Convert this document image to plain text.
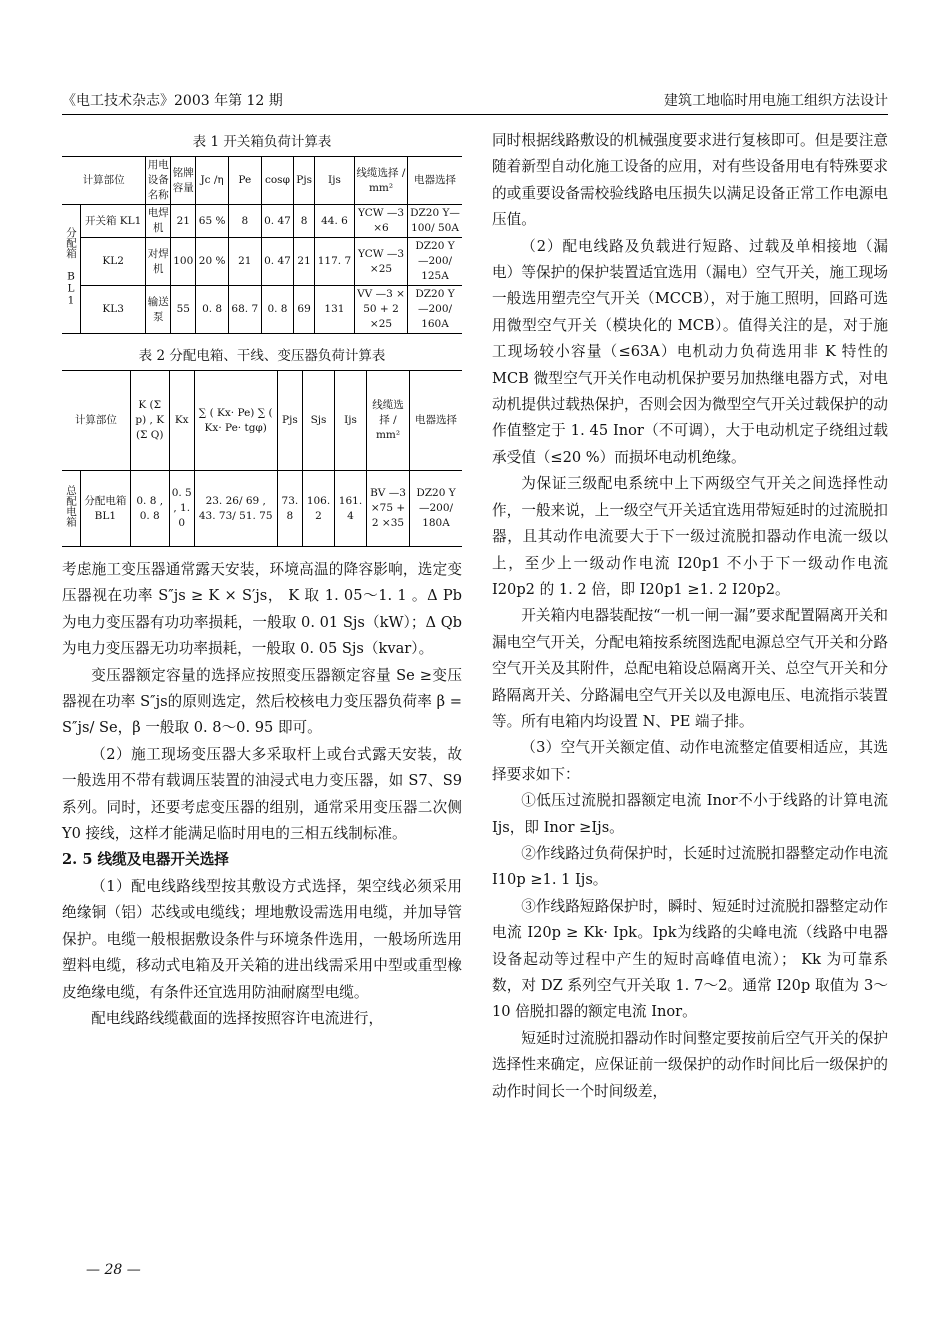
《电工技术杂志》2003 年第 12 期	建筑工地临时用电施工组织方法设计

表 1 开关箱负荷计算表

计算部位		用电设备名称	铭牌容量	Jc /η	Pe	cosφ	Pjs	Ijs	线缆选择 / mm²	电器选择
分配箱 BL1	开关箱 KL1	电焊机	21	65 %	8	0. 47	8	44. 6	YCW —3 ×6	DZ20 Y—100/ 50A
	KL2	对焊机	100	20 %	21	0. 47	21	117. 7	YCW —3 ×25	DZ20 Y —200/ 125A
	KL3	输送泵	55	0. 8	68. 7	0. 8	69	131	VV —3 × 50 + 2 ×25	DZ20 Y —200/ 160A

表 2 分配电箱、干线、变压器负荷计算表

计算部位		K (Σ p) , K (Σ Q)	Kx	∑ ( Kx· Pe) ∑ ( Kx· Pe· tgφ)	Pjs	Sjs	Ijs	线缆选择 / mm²	电器选择
总配电箱	分配电箱 BL1	0. 8 , 0. 8	0. 5 , 1. 0	23. 26/ 69 , 43. 73/ 51. 75	73. 8	106. 2	161. 4	BV —3 ×75 + 2 ×35	DZ20 Y —200/ 180A

考虑施工变压器通常露天安装，环境高温的降容影响，选定变压器视在功率 S″js ≥ K × S′js， K 取 1. 05～1. 1 。Δ Pb 为电力变压器有功功率损耗，一般取 0. 01 Sjs（kW）；Δ Qb 为电力变压器无功功率损耗，一般取 0. 05 Sjs（kvar）。

变压器额定容量的选择应按照变压器额定容量 Se ≥变压器视在功率 S″js的原则选定，然后校核电力变压器负荷率 β = S″js/ Se，β 一般取 0. 8～0. 95 即可。

（2）施工现场变压器大多采取杆上或台式露天安装，故一般选用不带有载调压装置的油浸式电力变压器，如 S7、S9 系列。同时，还要考虑变压器的组别，通常采用变压器二次侧 Y0 接线，这样才能满足临时用电的三相五线制标准。

2. 5 线缆及电器开关选择

（1）配电线路线型按其敷设方式选择，架空线必须采用绝缘铜（铝）芯线或电缆线；埋地敷设需选用电缆，并加导管保护。电缆一般根据敷设条件与环境条件选用，一般场所选用塑料电缆，移动式电箱及开关箱的进出线需采用中型或重型橡皮绝缘电缆，有条件还宜选用防油耐腐型电缆。

配电线路线缆截面的选择按照容许电流进行，

同时根据线路敷设的机械强度要求进行复核即可。但是要注意随着新型自动化施工设备的应用，对有些设备用电有特殊要求的或重要设备需校验线路电压损失以满足设备正常工作电源电压值。

（2）配电线路及负载进行短路、过载及单相接地（漏电）等保护的保护装置适宜选用（漏电）空气开关，施工现场一般选用塑壳空气开关（MCCB），对于施工照明，回路可选用微型空气开关（模块化的 MCB）。值得关注的是，对于施工现场较小容量（≤63A）电机动力负荷选用非 K 特性的 MCB 微型空气开关作电动机保护要另加热继电器方式，对电动机提供过载热保护，否则会因为微型空气开关过载保护的动作值整定于 1. 45 Inor（不可调），大于电动机定子绕组过载承受值（≤20 %）而损坏电动机绝缘。

为保证三级配电系统中上下两级空气开关之间选择性动作，一般来说，上一级空气开关适宜选用带短延时的过流脱扣器，且其动作电流要大于下一级过流脱扣器动作电流一级以上，至少上一级动作电流 I20p1 不小于下一级动作电流 I20p2 的 1. 2 倍，即 I20p1 ≥1. 2 I20p2。

开关箱内电器装配按“一机一闸一漏”要求配置隔离开关和漏电空气开关，分配电箱按系统图选配电源总空气开关和分路空气开关及其附件，总配电箱设总隔离开关、总空气开关和分路隔离开关、分路漏电空气开关以及电源电压、电流指示装置等。所有电箱内均设置 N、PE 端子排。

（3）空气开关额定值、动作电流整定值要相适应，其选择要求如下：

①低压过流脱扣器额定电流 Inor不小于线路的计算电流 Ijs，即 Inor ≥Ijs。

②作线路过负荷保护时，长延时过流脱扣器整定动作电流 I10p ≥1. 1 Ijs。

③作线路短路保护时，瞬时、短延时过流脱扣器整定动作电流 I20p ≥ Kk· Ipk。Ipk为线路的尖峰电流（线路中电器设备起动等过程中产生的短时高峰值电流）； Kk 为可靠系数，对 DZ 系列空气开关取 1. 7～2。通常 I20p 取值为 3～10 倍脱扣器的额定电流 Inor。

短延时过流脱扣器动作时间整定要按前后空气开关的保护选择性来确定，应保证前一级保护的动作时间比后一级保护的动作时间长一个时间级差，

— 28 —
